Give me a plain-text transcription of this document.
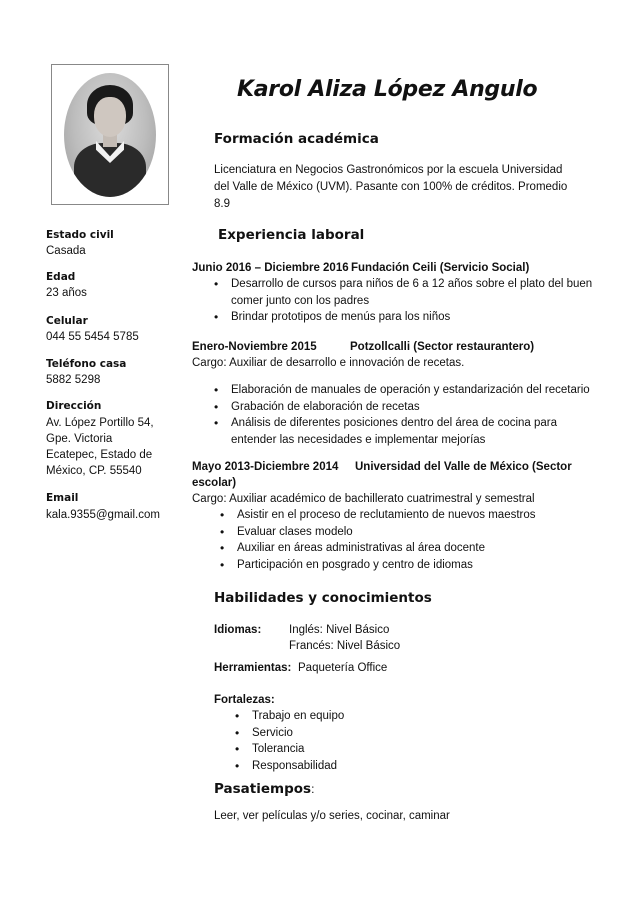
Karol Aliza López Angulo
Estado civil
Casada
Edad
23 años
Celular
044 55 5454 5785
Teléfono casa
5882 5298
Dirección
Av. López Portillo 54,
Gpe. Victoria
Ecatepec, Estado de
México, CP. 55540
Email
kala.9355@gmail.com
Formación académica
Licenciatura en Negocios Gastronómicos por la escuela Universidad
del Valle de México (UVM). Pasante con 100% de créditos. Promedio
8.9
Experiencia laboral
Junio 2016 – Diciembre 2016 Fundación Ceili (Servicio Social)
• Desarrollo de cursos para niños de 6 a 12 años sobre el plato del buen
comer junto con los padres
• Brindar prototipos de menús para los niños
Enero-Noviembre 2015	Potzollcalli (Sector restaurantero)
Cargo: Auxiliar de desarrollo e innovación de recetas.
• Elaboración de manuales de operación y estandarización del recetario
• Grabación de elaboración de recetas
• Análisis de diferentes posiciones dentro del área de cocina para
entender las necesidades e implementar mejorías
Mayo 2013-Diciembre 2014 Universidad del Valle de México (Sector
escolar)
Cargo: Auxiliar académico de bachillerato cuatrimestral y semestral
• Asistir en el proceso de reclutamiento de nuevos maestros
• Evaluar clases modelo
• Auxiliar en áreas administrativas al área docente
• Participación en posgrado y centro de idiomas
Habilidades y conocimientos
Idiomas: Inglés: Nivel Básico
Francés: Nivel Básico
Herramientas: Paquetería Office
Fortalezas:
• Trabajo en equipo
• Servicio
• Tolerancia
• Responsabilidad
Pasatiempos:
Leer, ver películas y/o series, cocinar, caminar
